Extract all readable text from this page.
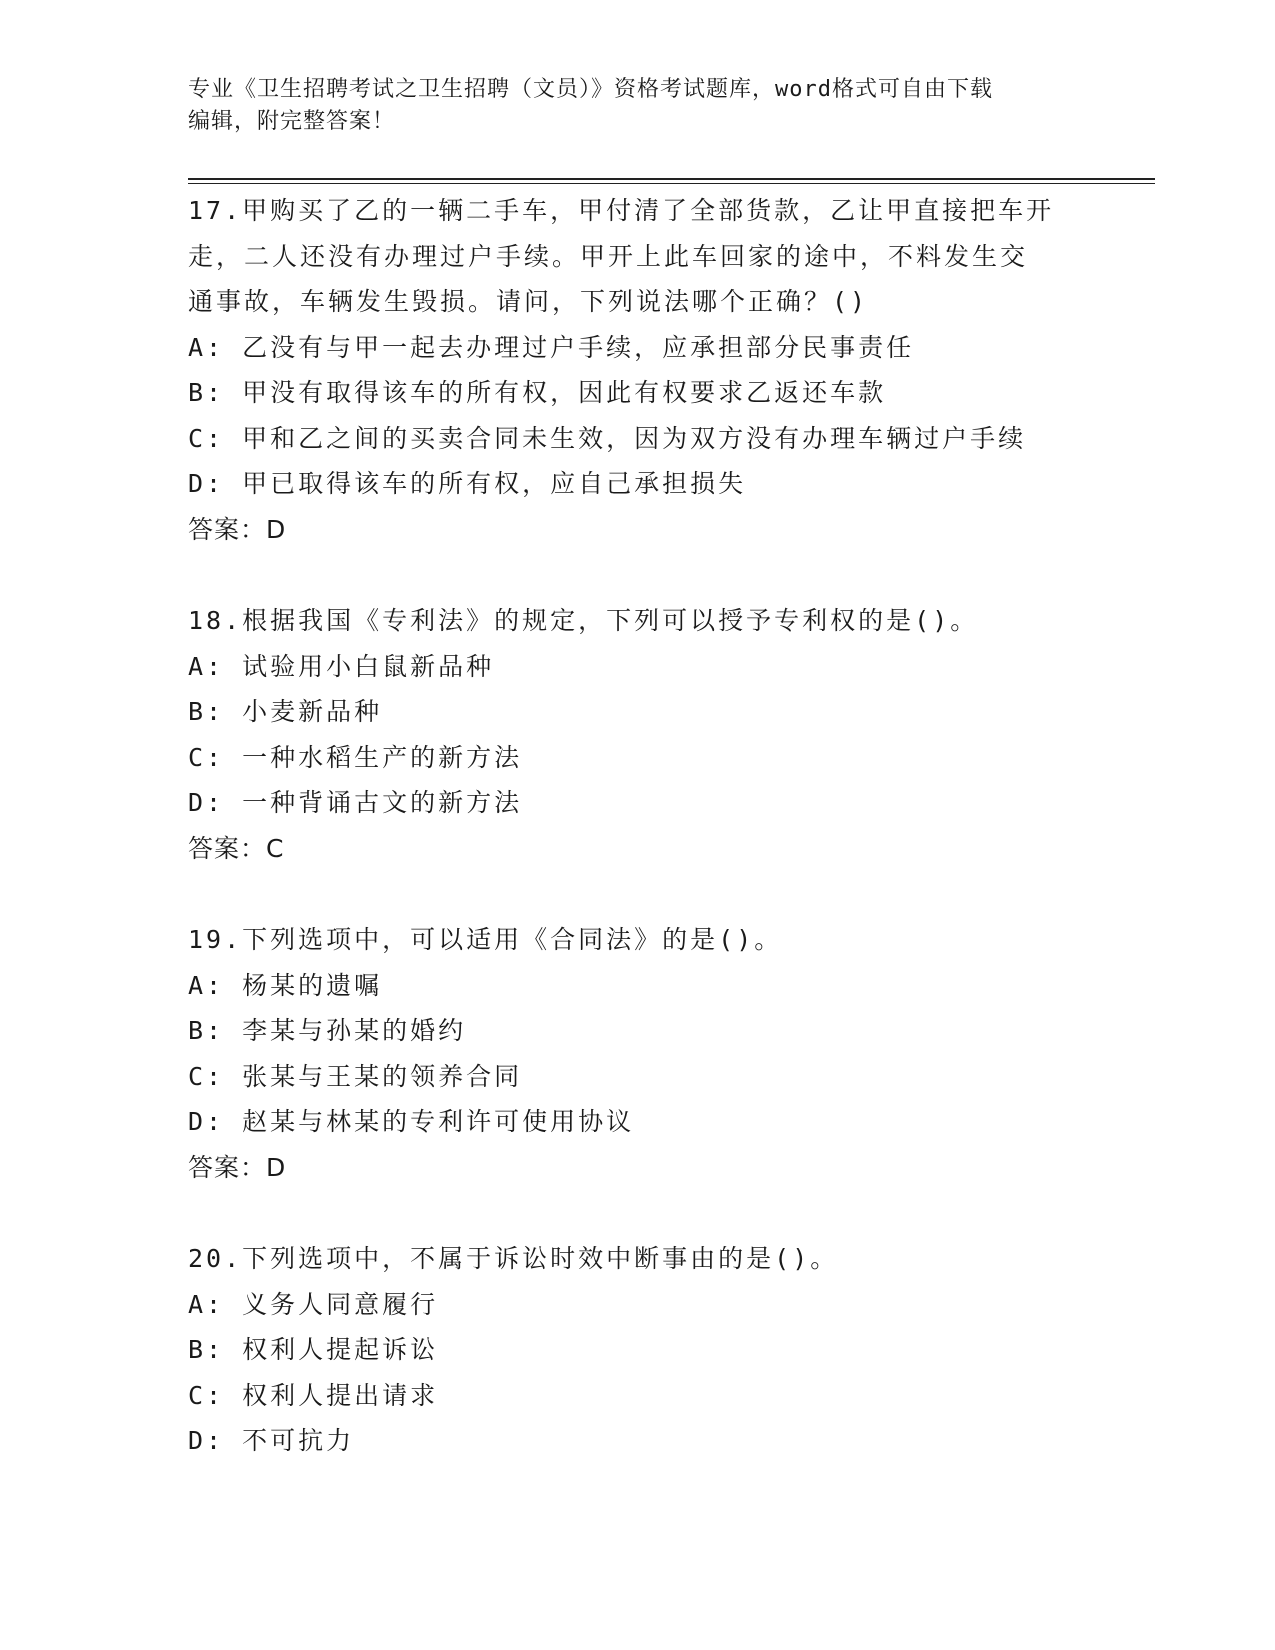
专业《卫生招聘考试之卫生招聘（文员）》资格考试题库，word格式可自由下载
编辑，附完整答案！
17.甲购买了乙的一辆二手车，甲付清了全部货款，乙让甲直接把车开
走，二人还没有办理过户手续。甲开上此车回家的途中，不料发生交
通事故，车辆发生毁损。请问，下列说法哪个正确？()
A: 乙没有与甲一起去办理过户手续，应承担部分民事责任
B: 甲没有取得该车的所有权，因此有权要求乙返还车款
C: 甲和乙之间的买卖合同未生效，因为双方没有办理车辆过户手续
D: 甲已取得该车的所有权，应自己承担损失
答案：D
18.根据我国《专利法》的规定，下列可以授予专利权的是()。
A: 试验用小白鼠新品种
B: 小麦新品种
C: 一种水稻生产的新方法
D: 一种背诵古文的新方法
答案：C
19.下列选项中，可以适用《合同法》的是()。
A: 杨某的遗嘱
B: 李某与孙某的婚约
C: 张某与王某的领养合同
D: 赵某与林某的专利许可使用协议
答案：D
20.下列选项中，不属于诉讼时效中断事由的是()。
A: 义务人同意履行
B: 权利人提起诉讼
C: 权利人提出请求
D: 不可抗力
